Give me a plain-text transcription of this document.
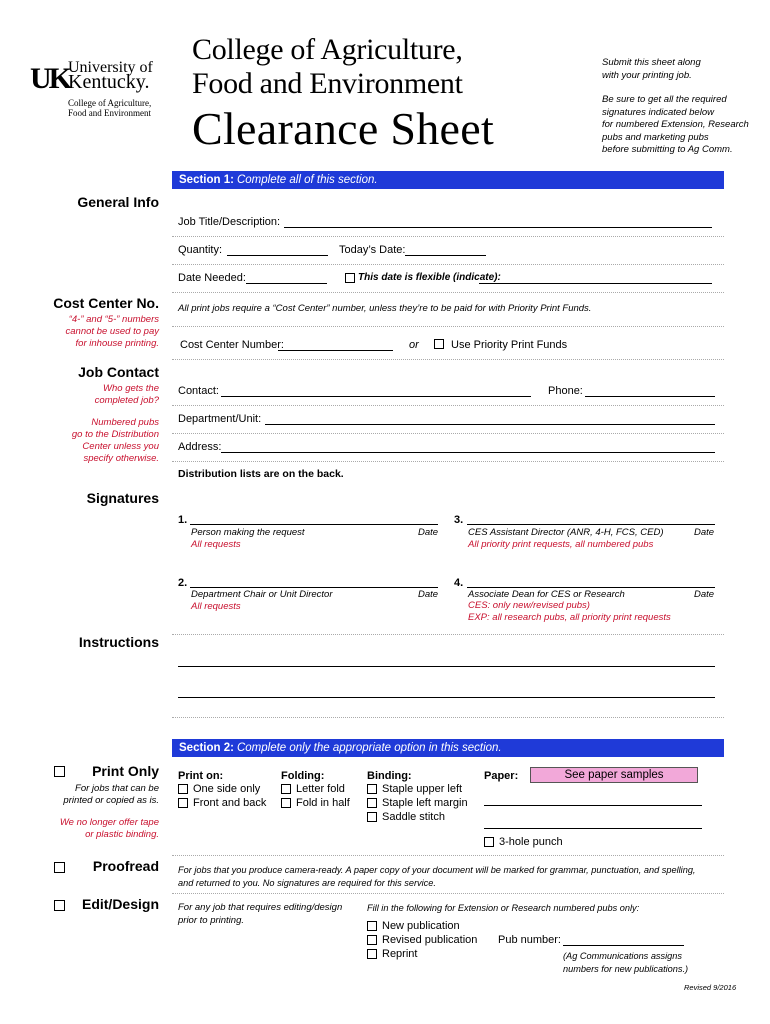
UK University of
Kentucky.
College of Agriculture,
Food and Environment
College of Agriculture,
Food and Environment
Clearance Sheet
Submit this sheet along
with your printing job.
Be sure to get all the required
signatures indicated below
for numbered Extension, Research
pubs and marketing pubs
before submitting to Ag Comm.
Section 1: Complete all of this section.
General Info
Job Title/Description:
Quantity:	Today’s Date:
Date Needed:	This date is flexible (indicate):
Cost Center No.
“4-” and “5-” numbers
cannot be used to pay
for inhouse printing.
All print jobs require a “Cost Center” number, unless they’re to be paid for with Priority Print Funds.
Cost Center Number:	or	Use Priority Print Funds
Job Contact
Who gets the
completed job?
Numbered pubs
go to the Distribution
Center unless you
specify otherwise.
Contact:	Phone:
Department/Unit:
Address:
Distribution lists are on the back.
Signatures
1.
Person making the request	Date
All requests
3.
CES Assistant Director (ANR, 4-H, FCS, CED)	Date
All priority print requests, all numbered pubs
2.
Department Chair or Unit Director	Date
All requests
4.
Associate Dean for CES or Research	Date
CES: only new/revised pubs)
EXP: all research pubs, all priority print requests
Instructions
Section 2: Complete only the appropriate option in this section.
Print Only
For jobs that can be
printed or copied as is.
We no longer offer tape
or plastic binding.
Print on:
One side only
Front and back
Folding:
Letter fold
Fold in half
Binding:
Staple upper left
Staple left margin
Saddle stitch
Paper:	See paper samples
3-hole punch
Proofread For jobs that you produce camera-ready. A paper copy of your document will be marked for grammar, punctuation, and spelling,
and returned to you. No signatures are required for this service.
Edit/Design For any job that requires editing/design
prior to printing.
Fill in the following for Extension or Research numbered pubs only:
New publication
Revised publication
Reprint
Pub number:
(Ag Communications assigns
numbers for new publications.)
Revised 9/2016
